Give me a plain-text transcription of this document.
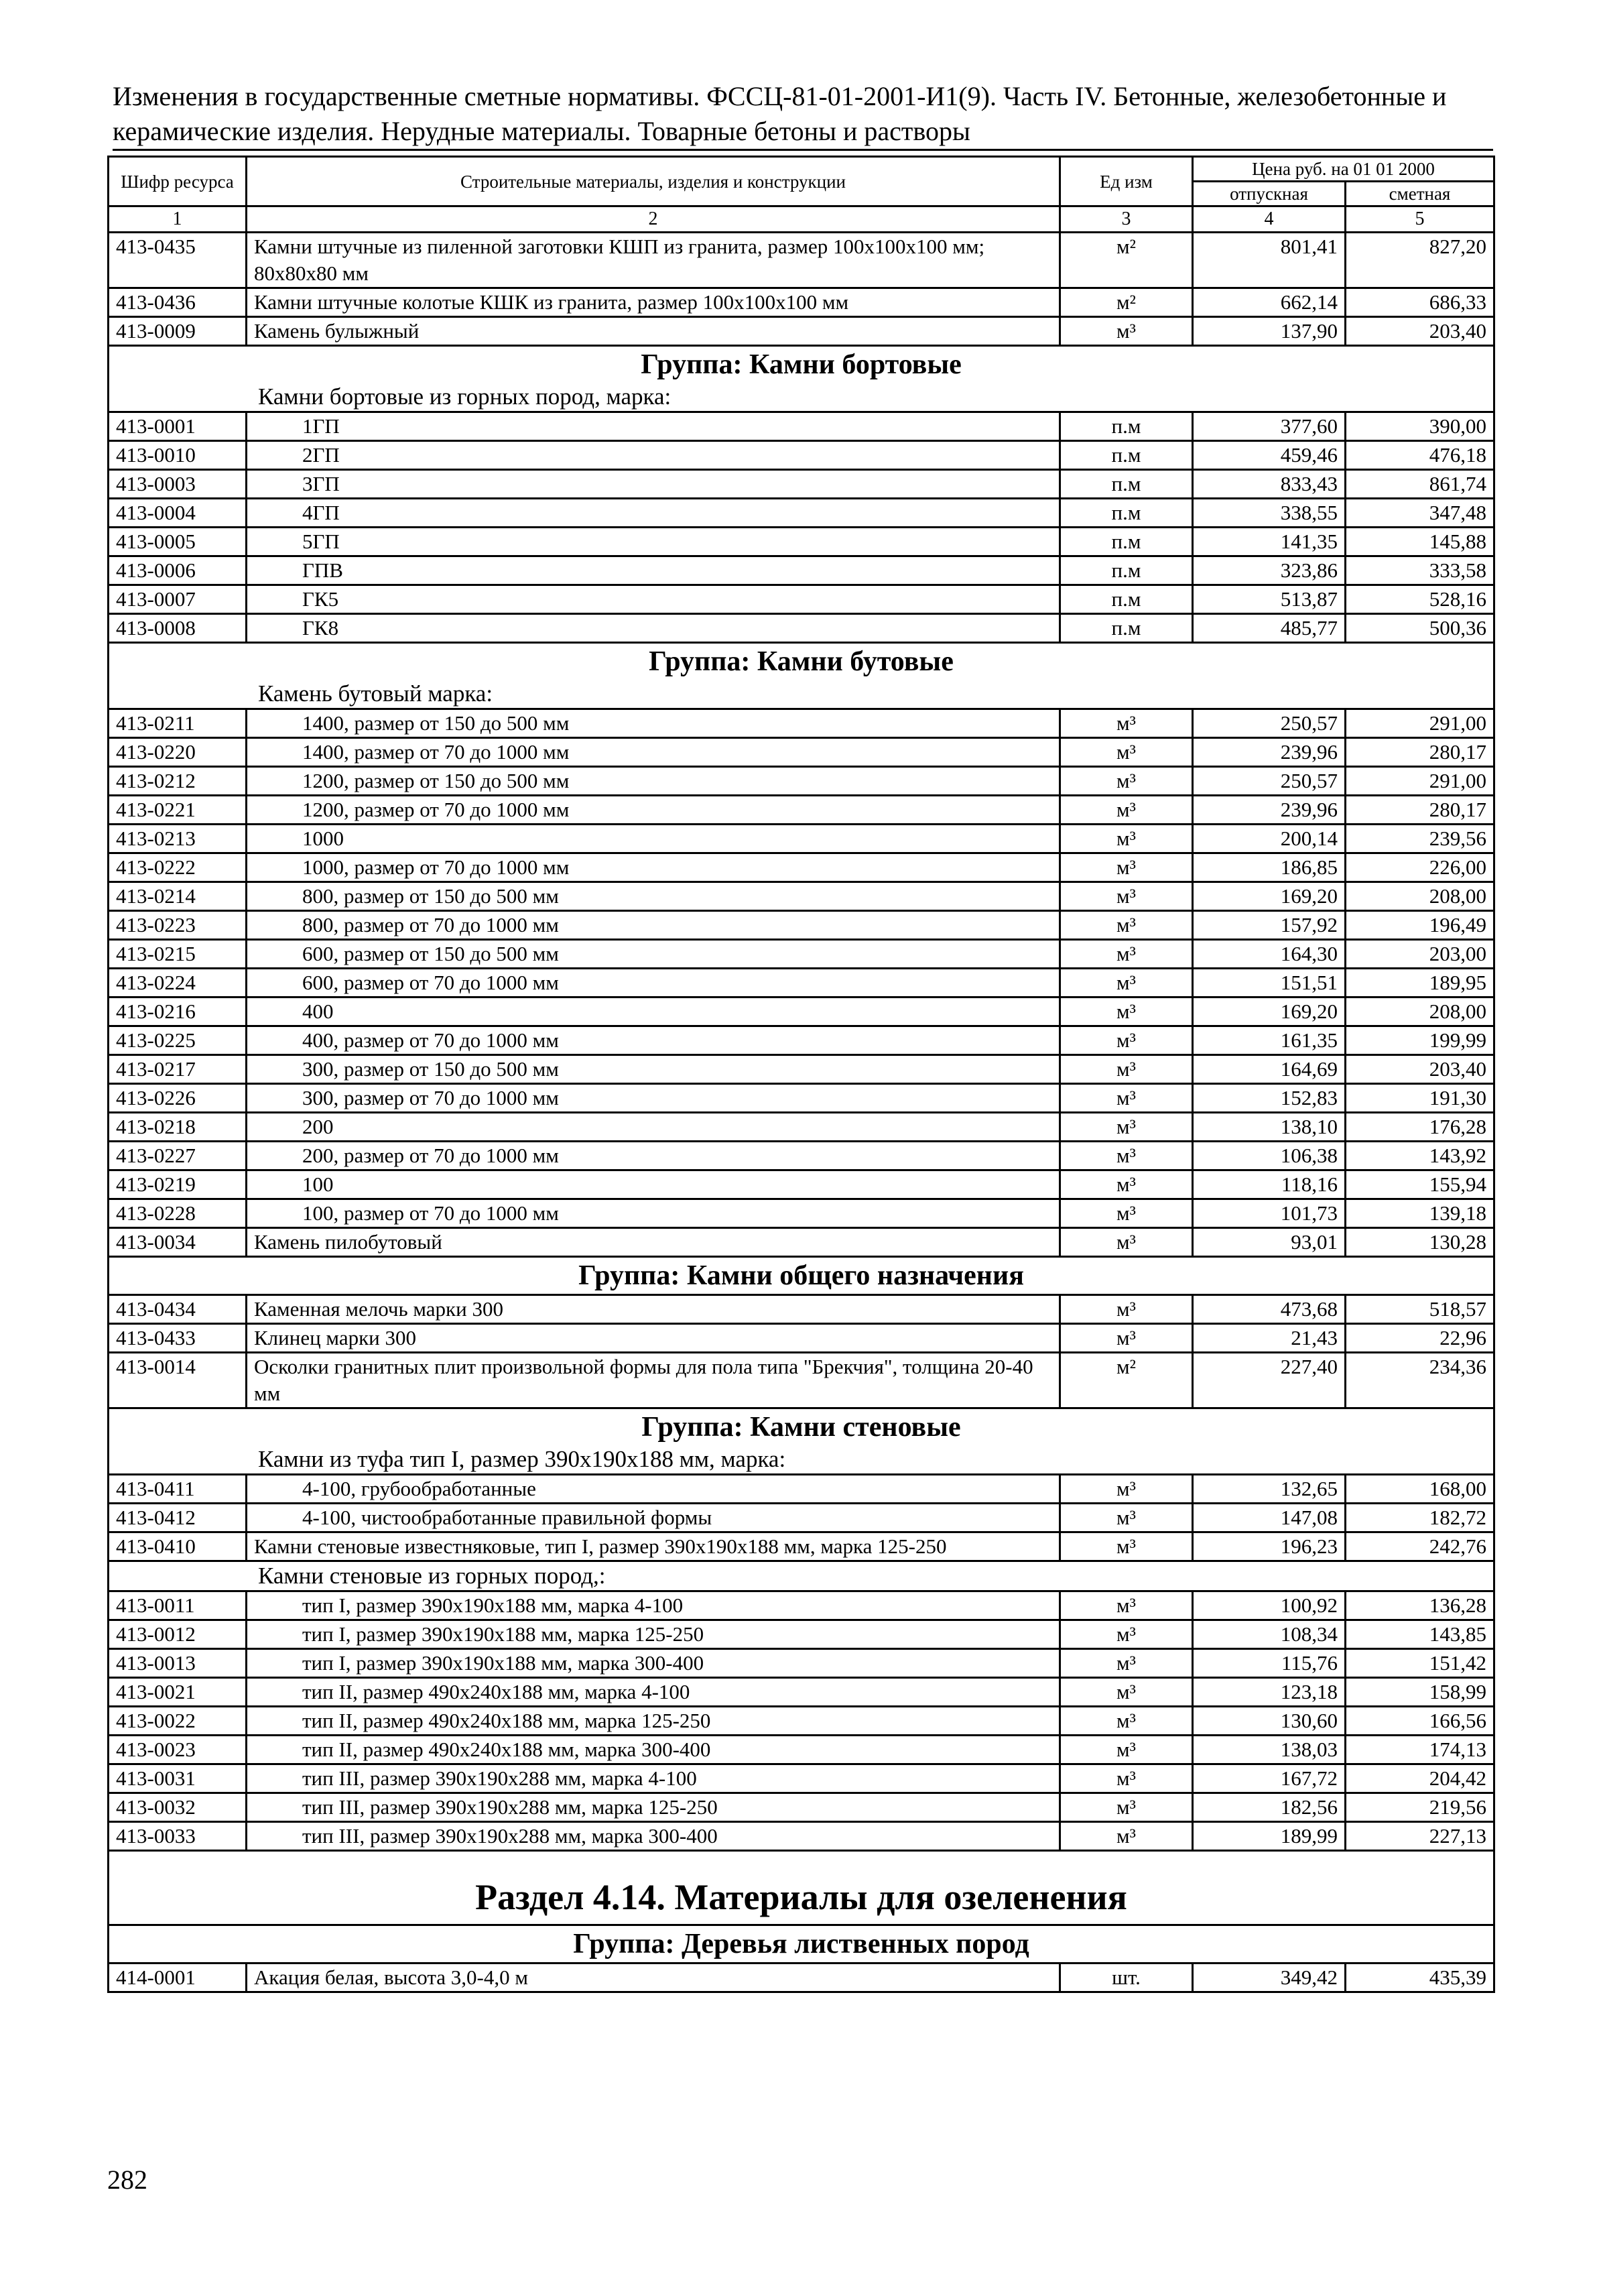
Изменения в государственные сметные нормативы. ФССЦ-81-01-2001-И1(9). Часть IV. Бетонные, железобетонные и
керамические изделия. Нерудные материалы. Товарные бетоны и растворы
Шифр ресурса	Строительные материалы, изделия и конструкции	Ед изм	Цена руб. на 01 01 2000	
			отпускная	сметная
1	2	3	4	5
413-0435	Камни штучные из пиленной заготовки КШП из гранита, размер 100х100х100 мм; 80х80х80 мм	м²	801,41	827,20
413-0436	Камни штучные колотые КШК из гранита, размер 100х100х100 мм	м²	662,14	686,33
413-0009	Камень булыжный	м³	137,90	203,40
Группа: Камни бортовые				
Камни бортовые из горных пород, марка:				
413-0001	1ГП	п.м	377,60	390,00
413-0010	2ГП	п.м	459,46	476,18
413-0003	3ГП	п.м	833,43	861,74
413-0004	4ГП	п.м	338,55	347,48
413-0005	5ГП	п.м	141,35	145,88
413-0006	ГПВ	п.м	323,86	333,58
413-0007	ГК5	п.м	513,87	528,16
413-0008	ГК8	п.м	485,77	500,36
Группа: Камни бутовые				
Камень бутовый марка:				
413-0211	1400, размер от 150 до 500 мм	м³	250,57	291,00
413-0220	1400, размер от 70 до 1000 мм	м³	239,96	280,17
413-0212	1200, размер от 150 до 500 мм	м³	250,57	291,00
413-0221	1200, размер от 70 до 1000 мм	м³	239,96	280,17
413-0213	1000	м³	200,14	239,56
413-0222	1000, размер от 70 до 1000 мм	м³	186,85	226,00
413-0214	800, размер от 150 до 500 мм	м³	169,20	208,00
413-0223	800, размер от 70 до 1000 мм	м³	157,92	196,49
413-0215	600, размер от 150 до 500 мм	м³	164,30	203,00
413-0224	600, размер от 70 до 1000 мм	м³	151,51	189,95
413-0216	400	м³	169,20	208,00
413-0225	400, размер от 70 до 1000 мм	м³	161,35	199,99
413-0217	300, размер от 150 до 500 мм	м³	164,69	203,40
413-0226	300, размер от 70 до 1000 мм	м³	152,83	191,30
413-0218	200	м³	138,10	176,28
413-0227	200, размер от 70 до 1000 мм	м³	106,38	143,92
413-0219	100	м³	118,16	155,94
413-0228	100, размер от 70 до 1000 мм	м³	101,73	139,18
413-0034	Камень пилобутовый	м³	93,01	130,28
Группа: Камни общего назначения				
413-0434	Каменная мелочь марки 300	м³	473,68	518,57
413-0433	Клинец марки 300	м³	21,43	22,96
413-0014	Осколки гранитных плит произвольной формы для пола типа "Брекчия", толщина 20-40 мм	м²	227,40	234,36
Группа: Камни стеновые				
Камни из туфа тип I, размер 390х190х188 мм, марка:				
413-0411	4-100, грубообработанные	м³	132,65	168,00
413-0412	4-100, чистообработанные правильной формы	м³	147,08	182,72
413-0410	Камни стеновые известняковые, тип I, размер 390х190х188 мм, марка 125-250	м³	196,23	242,76
Камни стеновые из горных пород,:				
413-0011	тип I, размер 390х190х188 мм, марка 4-100	м³	100,92	136,28
413-0012	тип I, размер 390х190х188 мм, марка 125-250	м³	108,34	143,85
413-0013	тип I, размер 390х190х188 мм, марка 300-400	м³	115,76	151,42
413-0021	тип II, размер 490х240х188 мм, марка 4-100	м³	123,18	158,99
413-0022	тип II, размер 490х240х188 мм, марка 125-250	м³	130,60	166,56
413-0023	тип II, размер 490х240х188 мм, марка 300-400	м³	138,03	174,13
413-0031	тип III, размер 390х190х288 мм, марка 4-100	м³	167,72	204,42
413-0032	тип III, размер 390х190х288 мм, марка 125-250	м³	182,56	219,56
413-0033	тип III, размер 390х190х288 мм, марка 300-400	м³	189,99	227,13
Раздел 4.14. Материалы для озеленения				
Группа: Деревья лиственных пород				
414-0001	Акация белая, высота 3,0-4,0 м	шт.	349,42	435,39
282
